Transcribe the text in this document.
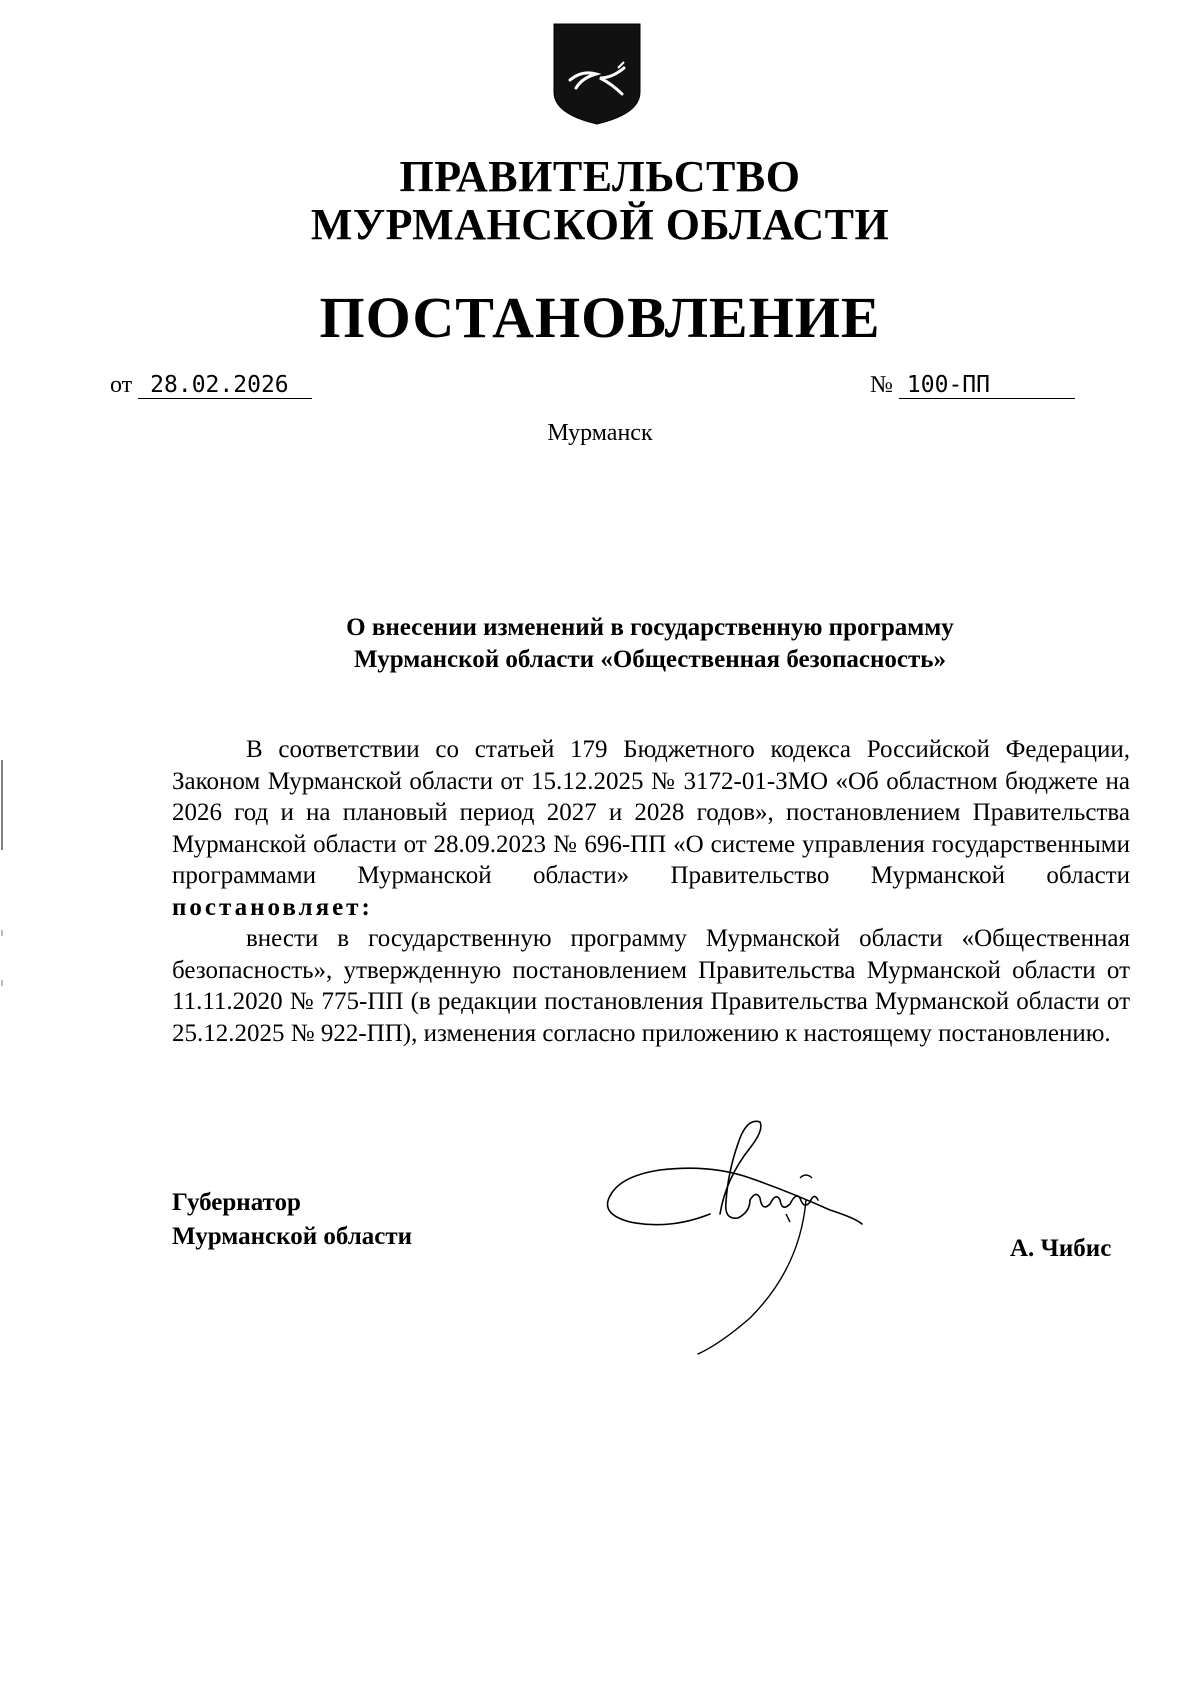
ПРАВИТЕЛЬСТВО
МУРМАНСКОЙ ОБЛАСТИ
ПОСТАНОВЛЕНИЕ
от 28.02.2026	№ 100-ПП
Мурманск
О внесении изменений в государственную программу
Мурманской области «Общественная безопасность»

В соответствии со статьей 179 Бюджетного кодекса Российской Федерации, Законом Мурманской области от 15.12.2025 № 3172-01-ЗМО «Об областном бюджете на 2026 год и на плановый период 2027 и 2028 годов», постановлением Правительства Мурманской области от 28.09.2023 № 696-ПП «О системе управления государственными программами Мурманской области» Правительство Мурманской области постановляет:

внести в государственную программу Мурманской области «Общественная безопасность», утвержденную постановлением Правительства Мурманской области от 11.11.2020 № 775-ПП (в редакции постановления Правительства Мурманской области от 25.12.2025 № 922-ПП), изменения согласно приложению к настоящему постановлению.

Губернатор
Мурманской области	А. Чибис
